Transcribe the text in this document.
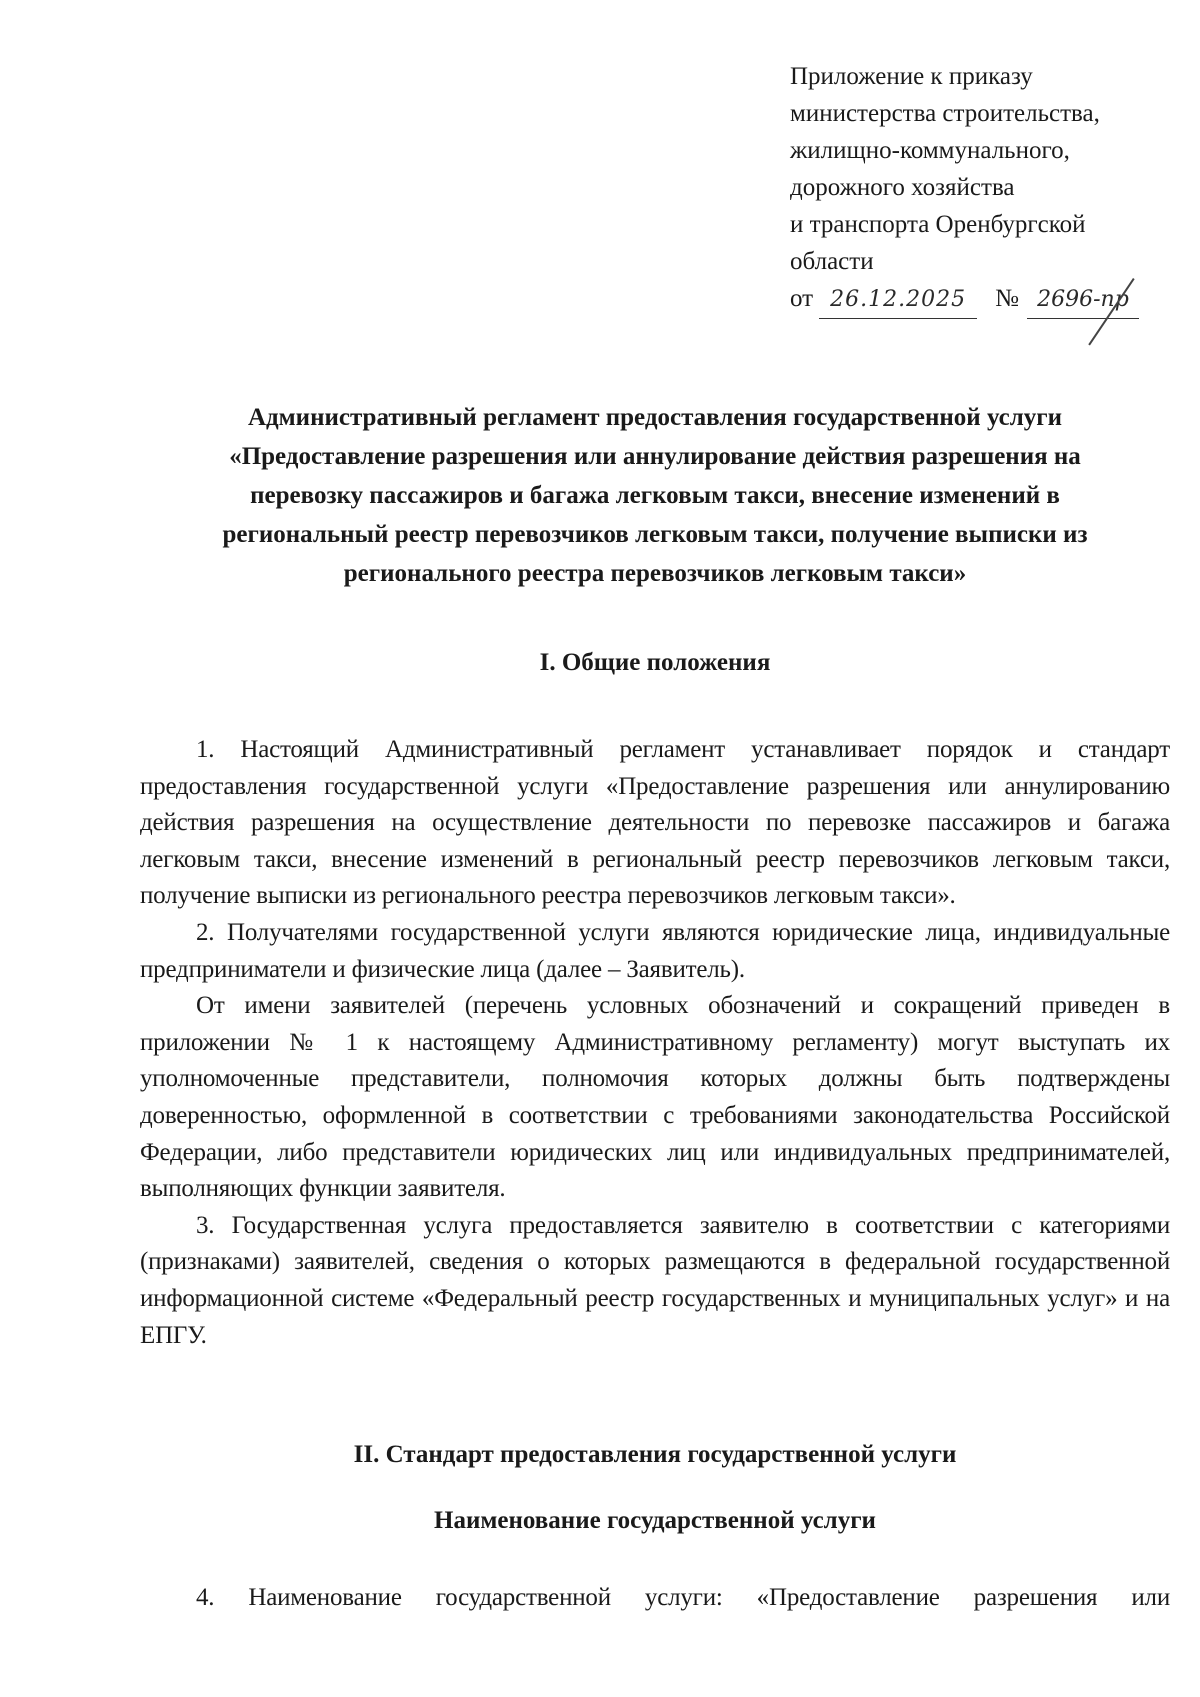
Приложение к приказу
министерства строительства,
жилищно-коммунального,
дорожного хозяйства
и транспорта Оренбургской
области
от 26.12.2025	№ 2696-пр
Административный регламент предоставления государственной услуги
«Предоставление разрешения или аннулирование действия разрешения на
перевозку пассажиров и багажа легковым такси, внесение изменений в
региональный реестр перевозчиков легковым такси, получение выписки из
регионального реестра перевозчиков легковым такси»
I. Общие положения

1. Настоящий Административный регламент устанавливает порядок и стандарт предоставления государственной услуги «Предоставление разрешения или аннулированию действия разрешения на осуществление деятельности по перевозке пассажиров и багажа легковым такси, внесение изменений в региональный реестр перевозчиков легковым такси, получение выписки из регионального реестра перевозчиков легковым такси».

2. Получателями государственной услуги являются юридические лица, индивидуальные предприниматели и физические лица (далее – Заявитель).

От имени заявителей (перечень условных обозначений и сокращений приведен в приложении № 1 к настоящему Административному регламенту) могут выступать их уполномоченные представители, полномочия которых должны быть подтверждены доверенностью, оформленной в соответствии с требованиями законодательства Российской Федерации, либо представители юридических лиц или индивидуальных предпринимателей, выполняющих функции заявителя.

3. Государственная услуга предоставляется заявителю в соответствии с категориями (признаками) заявителей, сведения о которых размещаются в федеральной государственной информационной системе «Федеральный реестр государственных и муниципальных услуг» и на ЕПГУ.

II. Стандарт предоставления государственной услуги
Наименование государственной услуги

4. Наименование государственной услуги: «Предоставление разрешения или
